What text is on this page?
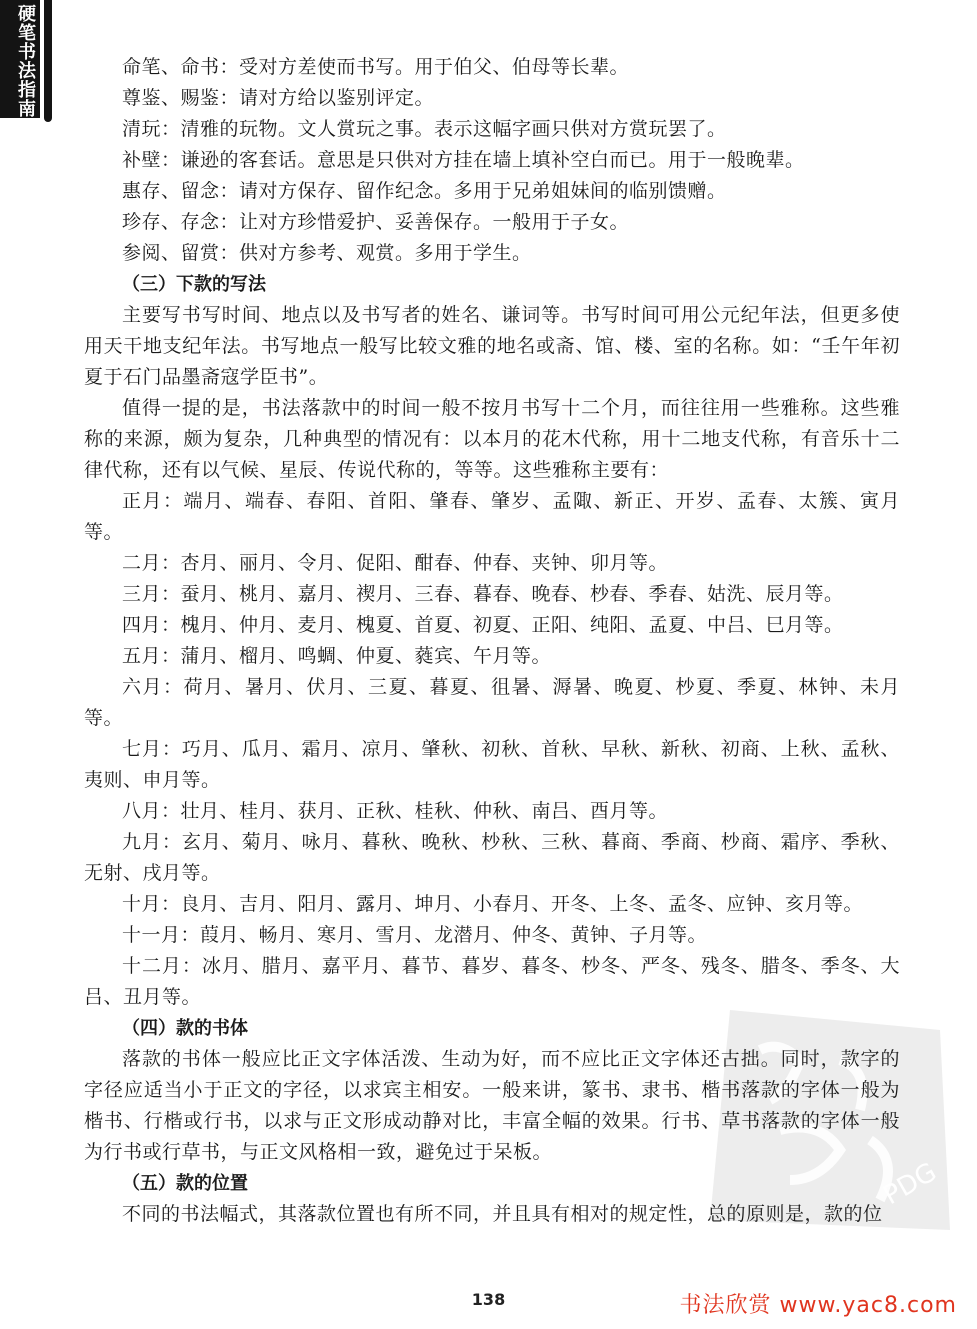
硬笔书法指南
PDG

命笔、命书：受对方差使而书写。用于伯父、伯母等长辈。

尊鉴、赐鉴：请对方给以鉴别评定。

清玩：清雅的玩物。文人赏玩之事。表示这幅字画只供对方赏玩罢了。

补壁：谦逊的客套话。意思是只供对方挂在墙上填补空白而已。用于一般晚辈。

惠存、留念：请对方保存、留作纪念。多用于兄弟姐妹间的临别馈赠。

珍存、存念：让对方珍惜爱护、妥善保存。一般用于子女。

参阅、留赏：供对方参考、观赏。多用于学生。

（三）下款的写法

主要写书写时间、地点以及书写者的姓名、谦词等。书写时间可用公元纪年法，但更多使用天干地支纪年法。书写地点一般写比较文雅的地名或斋、馆、楼、室的名称。如：“壬午年初夏于石门品墨斋寇学臣书”。

值得一提的是，书法落款中的时间一般不按月书写十二个月，而往往用一些雅称。这些雅称的来源，颇为复杂，几种典型的情况有：以本月的花木代称，用十二地支代称，有音乐十二律代称，还有以气候、星辰、传说代称的，等等。这些雅称主要有：

正月：端月、端春、春阳、首阳、肇春、肇岁、孟陬、新正、开岁、孟春、太簇、寅月等。

二月：杏月、丽月、令月、促阳、酣春、仲春、夹钟、卯月等。

三月：蚕月、桃月、嘉月、禊月、三春、暮春、晚春、杪春、季春、姑洗、辰月等。

四月：槐月、仲月、麦月、槐夏、首夏、初夏、正阳、纯阳、孟夏、中吕、巳月等。

五月：蒲月、榴月、鸣蜩、仲夏、蕤宾、午月等。

六月：荷月、暑月、伏月、三夏、暮夏、徂暑、溽暑、晚夏、杪夏、季夏、林钟、未月等。

七月：巧月、瓜月、霜月、凉月、肇秋、初秋、首秋、早秋、新秋、初商、上秋、孟秋、夷则、申月等。

八月：壮月、桂月、获月、正秋、桂秋、仲秋、南吕、酉月等。

九月：玄月、菊月、咏月、暮秋、晚秋、杪秋、三秋、暮商、季商、杪商、霜序、季秋、无射、戌月等。

十月：良月、吉月、阳月、露月、坤月、小春月、开冬、上冬、孟冬、应钟、亥月等。

十一月：葭月、畅月、寒月、雪月、龙潜月、仲冬、黄钟、子月等。

十二月：冰月、腊月、嘉平月、暮节、暮岁、暮冬、杪冬、严冬、残冬、腊冬、季冬、大吕、丑月等。

（四）款的书体

落款的书体一般应比正文字体活泼、生动为好，而不应比正文字体还古拙。同时，款字的字径应适当小于正文的字径，以求宾主相安。一般来讲，篆书、隶书、楷书落款的字体一般为楷书、行楷或行书，以求与正文形成动静对比，丰富全幅的效果。行书、草书落款的字体一般为行书或行草书，与正文风格相一致，避免过于呆板。

（五）款的位置

不同的书法幅式，其落款位置也有所不同，并且具有相对的规定性，总的原则是，款的位

138	书法欣赏 www.yac8.com
